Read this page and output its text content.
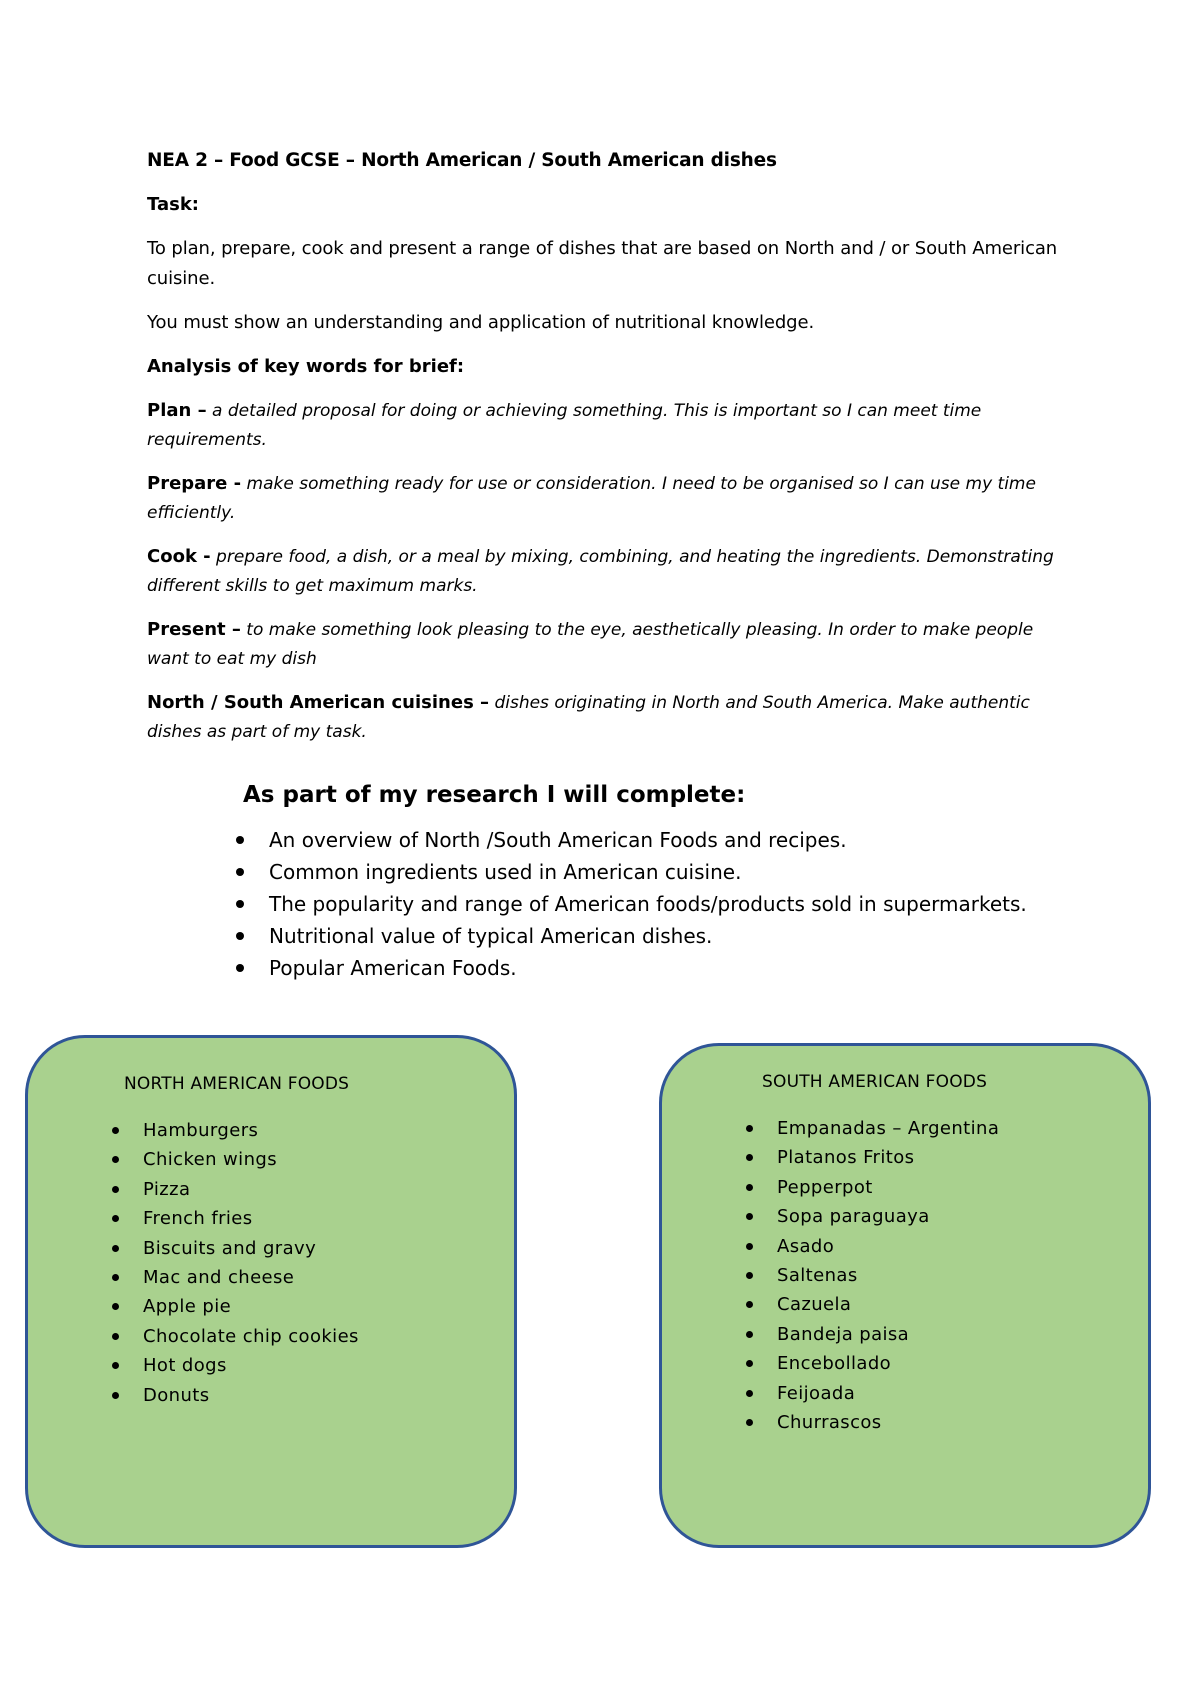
NEA 2 – Food GCSE – North American / South American dishes

Task:

To plan, prepare, cook and present a range of dishes that are based on North and / or South American cuisine.

You must show an understanding and application of nutritional knowledge.

Analysis of key words for brief:

Plan – a detailed proposal for doing or achieving something. This is important so I can meet time requirements.

Prepare - make something ready for use or consideration. I need to be organised so I can use my time efficiently.

Cook - prepare food, a dish, or a meal by mixing, combining, and heating the ingredients. Demonstrating different skills to get maximum marks.

Present – to make something look pleasing to the eye, aesthetically pleasing. In order to make people want to eat my dish

North / South American cuisines – dishes originating in North and South America. Make authentic dishes as part of my task.

As part of my research I will complete:

An overview of North /South American Foods and recipes.
Common ingredients used in American cuisine.
The popularity and range of American foods/products sold in supermarkets.
Nutritional value of typical American dishes.
Popular American Foods.
NORTH AMERICAN FOODS
Hamburgers
Chicken wings
Pizza
French fries
Biscuits and gravy
Mac and cheese
Apple pie
Chocolate chip cookies
Hot dogs
Donuts
SOUTH AMERICAN FOODS
Empanadas – Argentina
Platanos Fritos
Pepperpot
Sopa paraguaya
Asado
Saltenas
Cazuela
Bandeja paisa
Encebollado
Feijoada
Churrascos
